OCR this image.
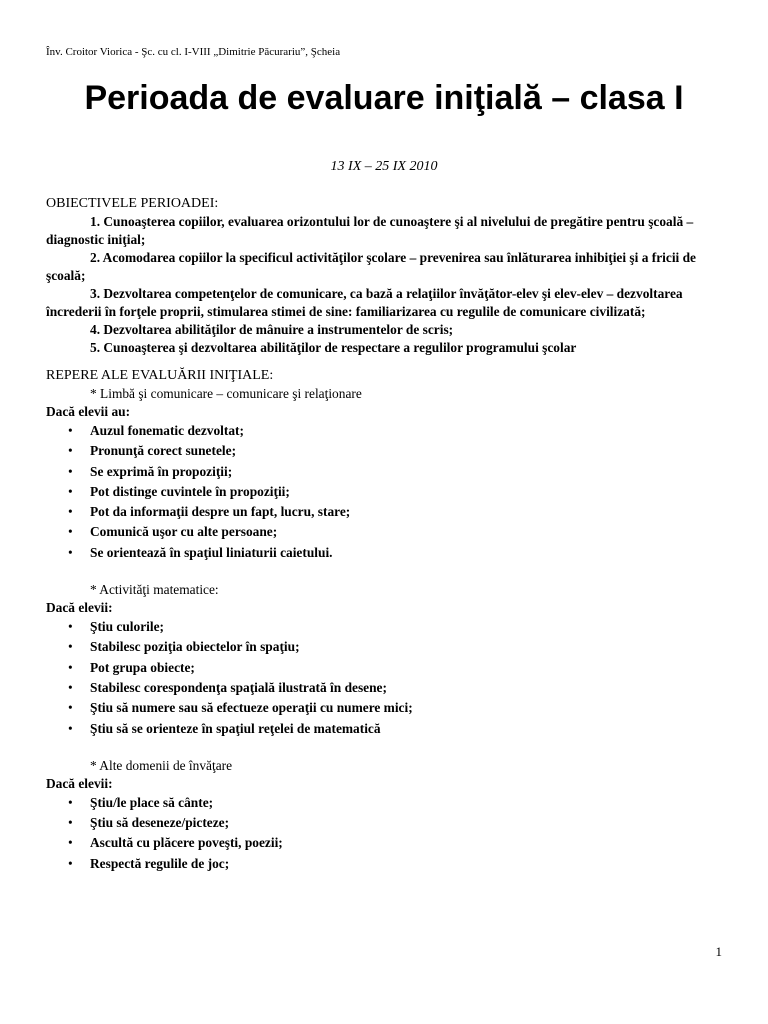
Înv. Croitor Viorica - Şc. cu cl. I-VIII „Dimitrie Păcurariu”, Şcheia
Perioada de evaluare iniţială – clasa I
13 IX – 25 IX 2010
OBIECTIVELE PERIOADEI:

1. Cunoaşterea copiilor, evaluarea orizontului lor de cunoaştere şi al nivelului de pregătire pentru şcoală – diagnostic iniţial;

2. Acomodarea copiilor la specificul activităţilor şcolare – prevenirea sau înlăturarea inhibiţiei şi a fricii de şcoală;

3. Dezvoltarea competenţelor de comunicare, ca bază a relaţiilor învăţător-elev şi elev-elev – dezvoltarea încrederii în forţele proprii, stimularea stimei de sine: familiarizarea cu regulile de comunicare civilizată;

4. Dezvoltarea abilităţilor de mânuire a instrumentelor de scris;

5. Cunoaşterea şi dezvoltarea abilităţilor de respectare a regulilor programului şcolar

REPERE ALE EVALUĂRII INIŢIALE:
* Limbă şi comunicare – comunicare şi relaţionare
Dacă elevii au:
• Auzul fonematic dezvoltat;
• Pronunţă corect sunetele;
• Se exprimă în propoziţii;
• Pot distinge cuvintele în propoziţii;
• Pot da informaţii despre un fapt, lucru, stare;
• Comunică uşor cu alte persoane;
• Se orientează în spaţiul liniaturii caietului.
* Activităţi matematice:
Dacă elevii:
• Ştiu culorile;
• Stabilesc poziţia obiectelor în spaţiu;
• Pot grupa obiecte;
• Stabilesc corespondenţa spaţială ilustrată în desene;
• Ştiu să numere sau să efectueze operaţii cu numere mici;
• Ştiu să se orienteze în spaţiul reţelei de matematică
* Alte domenii de învăţare
Dacă elevii:
• Ştiu/le place să cânte;
• Ştiu să deseneze/picteze;
• Ascultă cu plăcere poveşti, poezii;
• Respectă regulile de joc;
1
